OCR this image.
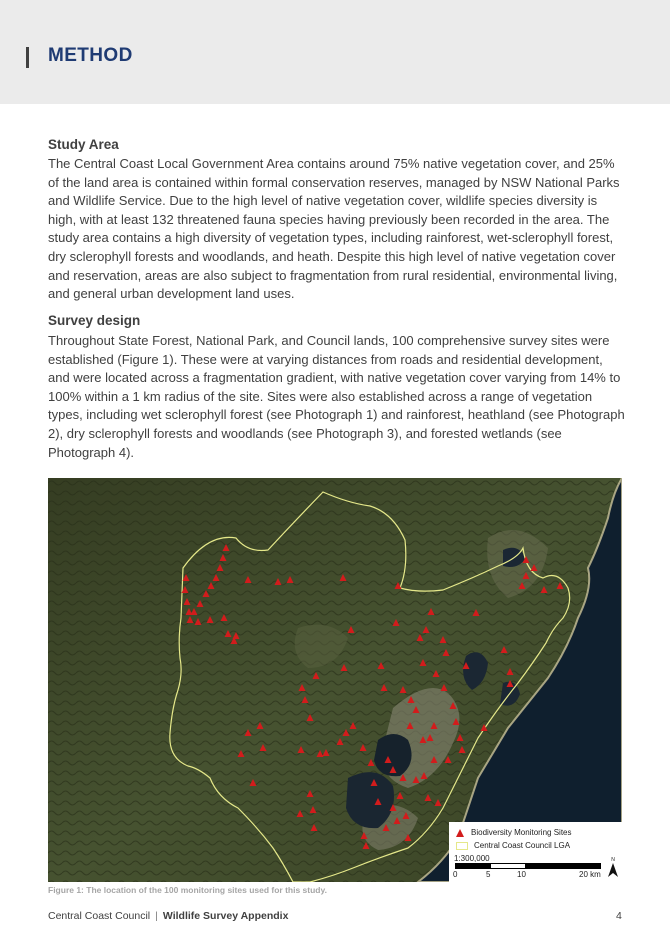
METHOD
Study Area
The Central Coast Local Government Area contains around 75% native vegetation cover, and 25% of the land area is contained within formal conservation reserves, managed by NSW National Parks and Wildlife Service. Due to the high level of native vegetation cover, wildlife species diversity is high, with at least 132 threatened fauna species having previously been recorded in the area. The study area contains a high diversity of vegetation types, including rainforest, wet-sclerophyll forest, dry sclerophyll forests and woodlands, and heath. Despite this high level of native vegetation cover and reservation, areas are also subject to fragmentation from rural residential, environmental living, and general urban development land uses.
Survey design
Throughout State Forest, National Park, and Council lands, 100 comprehensive survey sites were established (Figure 1). These were at varying distances from roads and residential development, and were located across a fragmentation gradient, with native vegetation cover varying from 14% to 100% within a 1 km radius of the site. Sites were also established across a range of vegetation types, including wet sclerophyll forest (see Photograph 1) and rainforest, heathland (see Photograph 2), dry sclerophyll forests and woodlands (see Photograph 3), and forested wetlands (see Photograph 4).
Biodiversity Monitoring Sites
Central Coast Council LGA
1:300,000
0	5	10	20 km
N
Figure 1: The location of the 100 monitoring sites used for this study.
Central Coast Council | Wildlife Survey Appendix	4
